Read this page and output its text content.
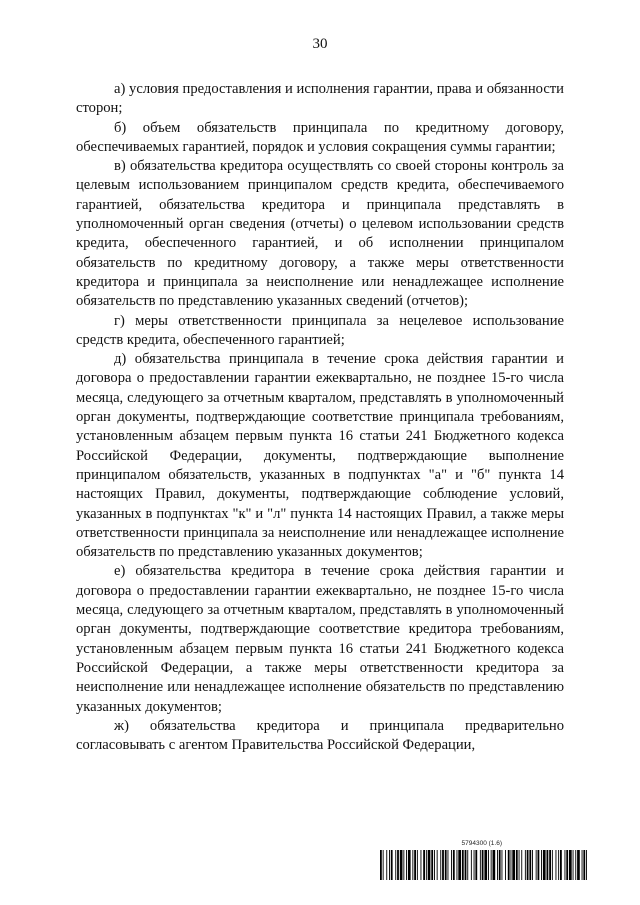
30

а) условия предоставления и исполнения гарантии, права и обязанности сторон;

б) объем обязательств принципала по кредитному договору, обеспечиваемых гарантией, порядок и условия сокращения суммы гарантии;

в) обязательства кредитора осуществлять со своей стороны контроль за целевым использованием принципалом средств кредита, обеспечиваемого гарантией, обязательства кредитора и принципала представлять в уполномоченный орган сведения (отчеты) о целевом использовании средств кредита, обеспеченного гарантией, и об исполнении принципалом обязательств по кредитному договору, а также меры ответственности кредитора и принципала за неисполнение или ненадлежащее исполнение обязательств по представлению указанных сведений (отчетов);

г) меры ответственности принципала за нецелевое использование средств кредита, обеспеченного гарантией;

д) обязательства принципала в течение срока действия гарантии и договора о предоставлении гарантии ежеквартально, не позднее 15-го числа месяца, следующего за отчетным кварталом, представлять в уполномоченный орган документы, подтверждающие соответствие принципала требованиям, установленным абзацем первым пункта 16 статьи 241 Бюджетного кодекса Российской Федерации, документы, подтверждающие выполнение принципалом обязательств, указанных в подпунктах "а" и "б" пункта 14 настоящих Правил, документы, подтверждающие соблюдение условий, указанных в подпунктах "к" и "л" пункта 14 настоящих Правил, а также меры ответственности принципала за неисполнение или ненадлежащее исполнение обязательств по представлению указанных документов;

е) обязательства кредитора в течение срока действия гарантии и договора о предоставлении гарантии ежеквартально, не позднее 15-го числа месяца, следующего за отчетным кварталом, представлять в уполномоченный орган документы, подтверждающие соответствие кредитора требованиям, установленным абзацем первым пункта 16 статьи 241 Бюджетного кодекса Российской Федерации, а также меры ответственности кредитора за неисполнение или ненадлежащее исполнение обязательств по представлению указанных документов;

ж) обязательства кредитора и принципала предварительно согласовывать с агентом Правительства Российской Федерации,

5794300 (1.6)
